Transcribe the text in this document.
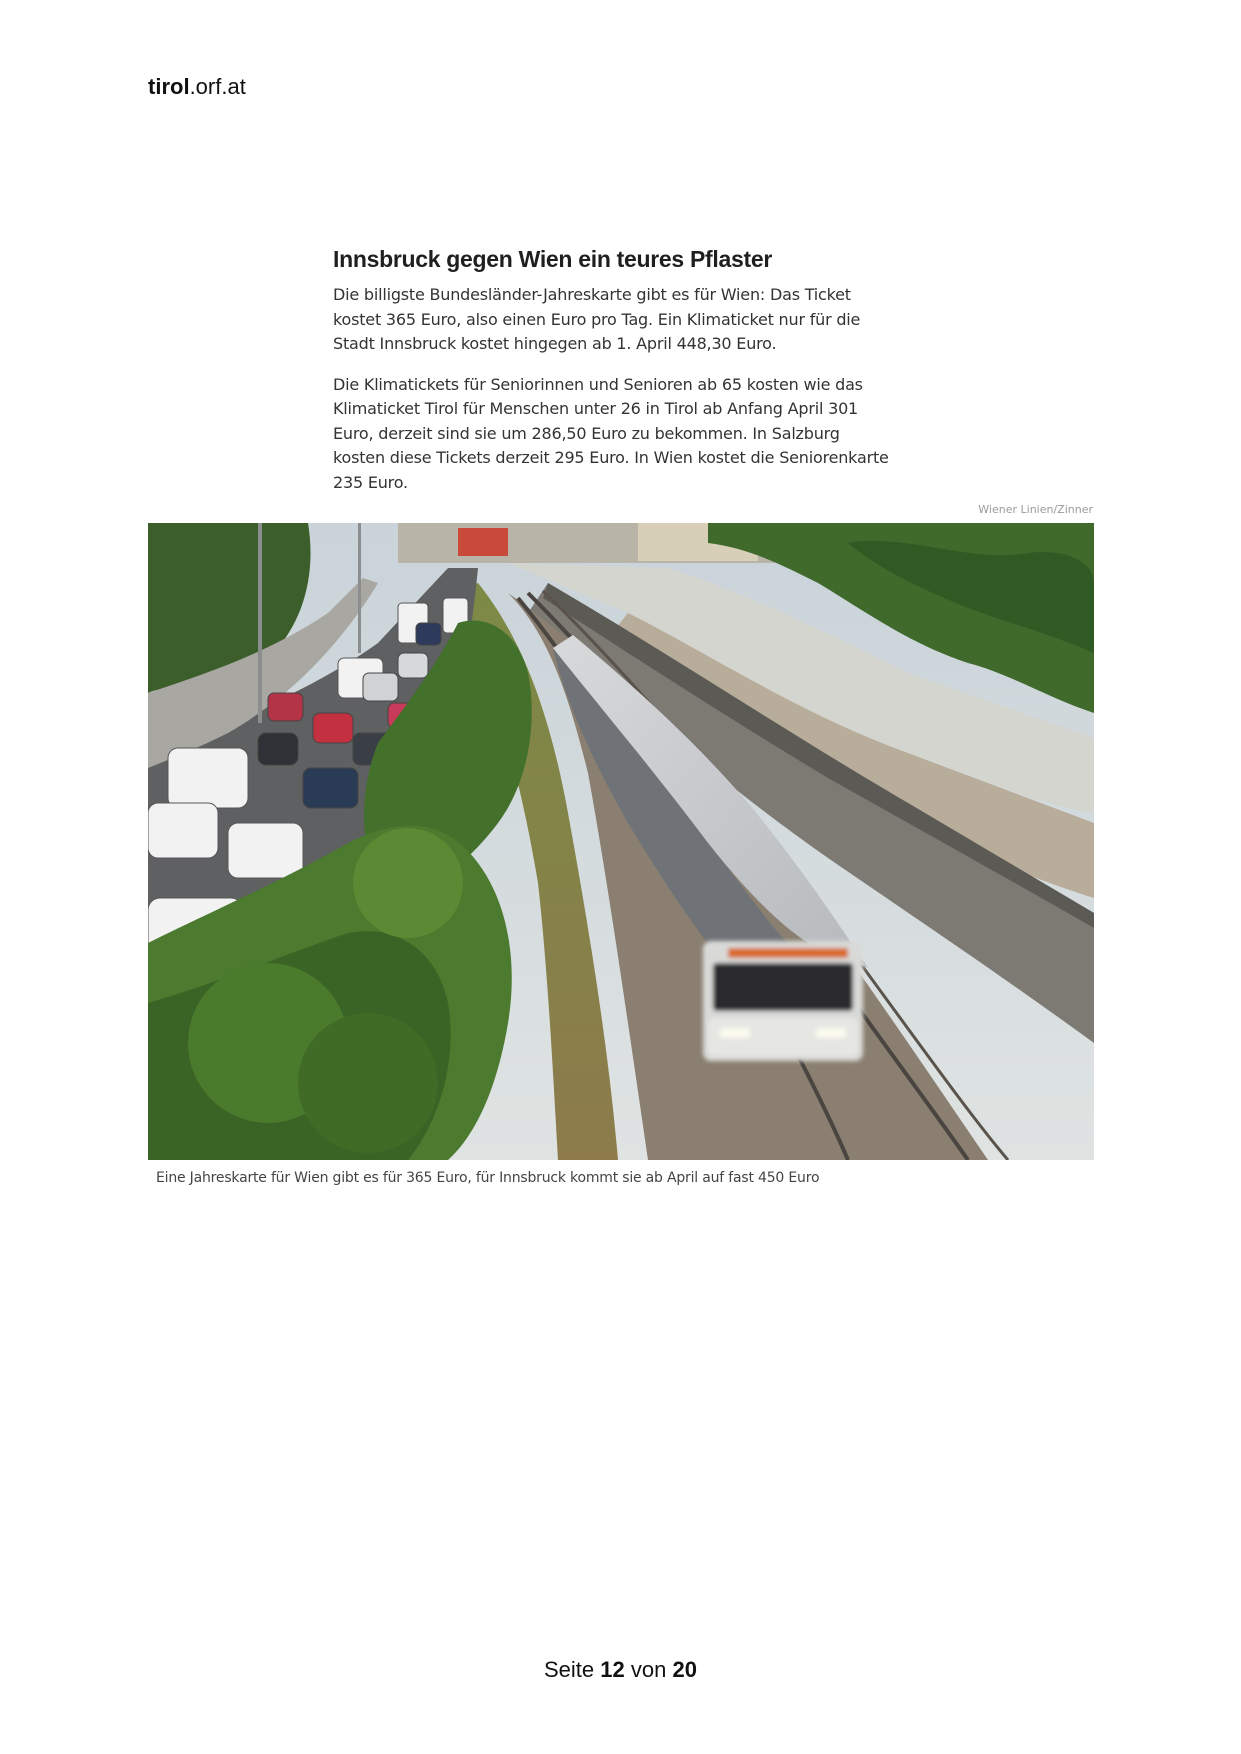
tirol.orf.at
Innsbruck gegen Wien ein teures Pflaster

Die billigste Bundesländer-Jahreskarte gibt es für Wien: Das Ticket kostet 365 Euro, also einen Euro pro Tag. Ein Klimaticket nur für die Stadt Innsbruck kostet hingegen ab 1. April 448,30 Euro.

Die Klimatickets für Seniorinnen und Senioren ab 65 kosten wie das Klimaticket Tirol für Menschen unter 26 in Tirol ab Anfang April 301 Euro, derzeit sind sie um 286,50 Euro zu bekommen. In Salzburg kosten diese Tickets derzeit 295 Euro. In Wien kostet die Seniorenkarte 235 Euro.

Wiener Linien/Zinner
Eine Jahreskarte für Wien gibt es für 365 Euro, für Innsbruck kommt sie ab April auf fast 450 Euro
Seite 12 von 20
